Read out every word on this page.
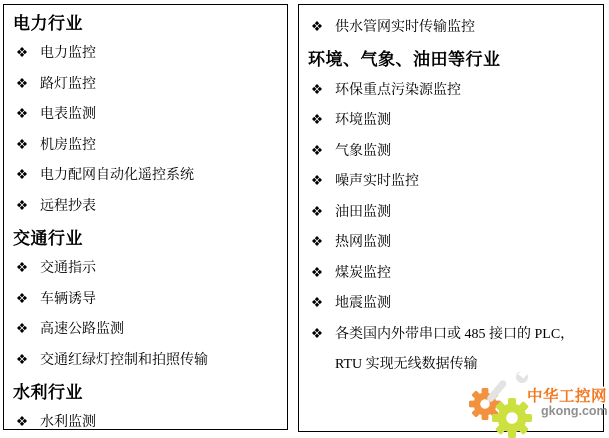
电力行业
电力监控
路灯监控
电表监测
机房监控
电力配网自动化遥控系统
远程抄表
交通行业
交通指示
车辆诱导
高速公路监测
交通红绿灯控制和拍照传输
水利行业
水利监测
供水管网实时传输监控
环境、气象、油田等行业
环保重点污染源监控
环境监测
气象监测
噪声实时监控
油田监测
热网监测
煤炭监控
地震监测
各类国内外带串口或 485 接口的 PLC，
RTU 实现无线数据传输
中华工控网
gkong.com
